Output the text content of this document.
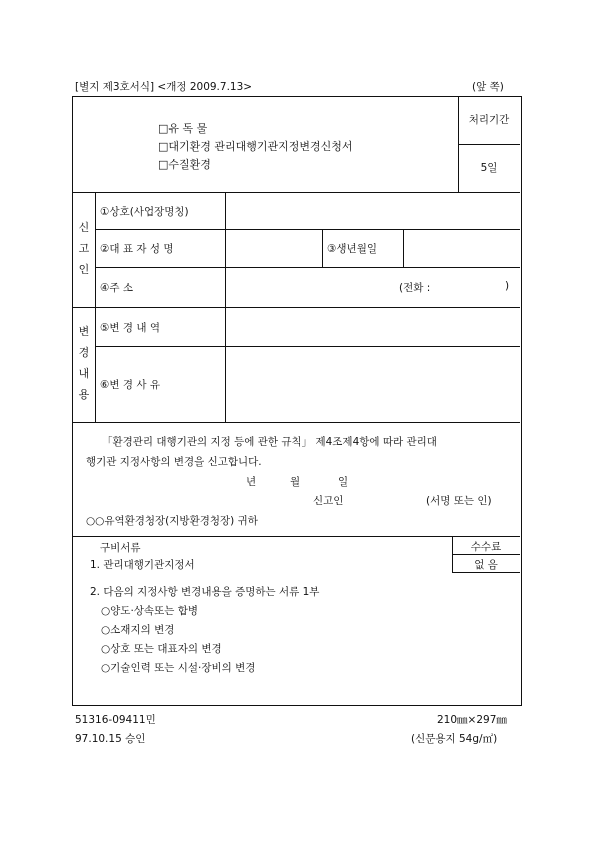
[별지 제3호서식] <개정 2009.7.13>	(앞 쪽)
□유 독 물
□대기환경 관리대행기관지정변경신청서
□수질환경
처리기간
5일
신
고
인
①상호(사업장명칭)
②대 표 자 성 명	③생년월일
④주 소	(전화 :	)
변
경
내
용
⑤변 경 내 역
⑥변 경 사 유
「환경관리 대행기관의 지정 등에 관한 규칙」 제4조제4항에 따라 관리대
행기관 지정사항의 변경을 신고합니다.
년	월	일
신고인	(서명 또는 인)
○○유역환경청장(지방환경청장) 귀하
구비서류
1. 관리대행기관지정서
2. 다음의 지정사항 변경내용을 증명하는 서류 1부
○양도·상속또는 합병
○소재지의 변경
○상호 또는 대표자의 변경
○기술인력 또는 시설·장비의 변경
수수료
없 음
51316-09411민
97.10.15 승인
210㎜×297㎜
(신문용지 54g/㎡)
